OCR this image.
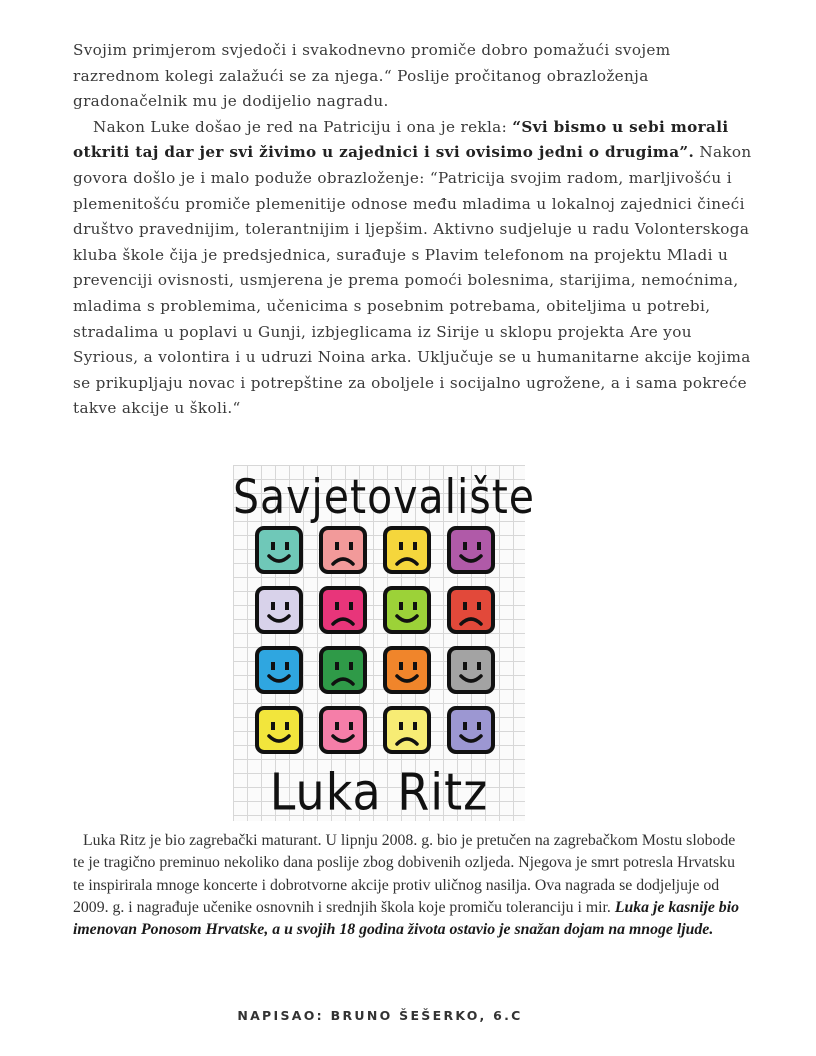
Svojim primjerom svjedoči i svakodnevno promiče dobro pomažući svojem razrednom kolegi zalažući se za njega.“ Poslije pročitanog obrazloženja gradonačelnik mu je dodijelio nagradu.
Nakon Luke došao je red na Patriciju i ona je rekla: “Svi bismo u sebi morali otkriti taj dar jer svi živimo u zajednici i svi ovisimo jedni o drugima”. Nakon govora došlo je i malo poduže obrazloženje: “Patricija svojim radom, marljivošću i plemenitošću promiče plemenitije odnose među mladima u lokalnoj zajednici čineći društvo pravednijim, tolerantnijim i ljepšim. Aktivno sudjeluje u radu Volonterskoga kluba škole čija je predsjednica, surađuje s Plavim telefonom na projektu Mladi u prevenciji ovisnosti, usmjerena je prema pomoći bolesnima, starijima, nemoćnima, mladima s problemima, učenicima s posebnim potrebama, obiteljima u potrebi, stradalima u poplavi u Gunji, izbjeglicama iz Sirije u sklopu projekta Are you Syrious, a volontira i u udruzi Noina arka. Uključuje se u humanitarne akcije kojima se prikupljaju novac i potrepštine za oboljele i socijalno ugrožene, a i sama pokreće takve akcije u školi.“

Savjetovalište
Luka Ritz

Luka Ritz je bio zagrebački maturant. U lipnju 2008. g. bio je pretučen na zagrebačkom Mostu slobode te je tragično preminuo nekoliko dana poslije zbog dobivenih ozljeda. Njegova je smrt potresla Hrvatsku te inspirirala mnoge koncerte i dobrotvorne akcije protiv uličnog nasilja. Ova nagrada se dodjeljuje od 2009. g. i nagrađuje učenike osnovnih i srednjih škola koje promiču toleranciju i mir. Luka je kasnije bio imenovan Ponosom Hrvatske, a u svojih 18 godina života ostavio je snažan dojam na mnoge ljude.

NAPISAO: BRUNO ŠEŠERKO, 6.C
